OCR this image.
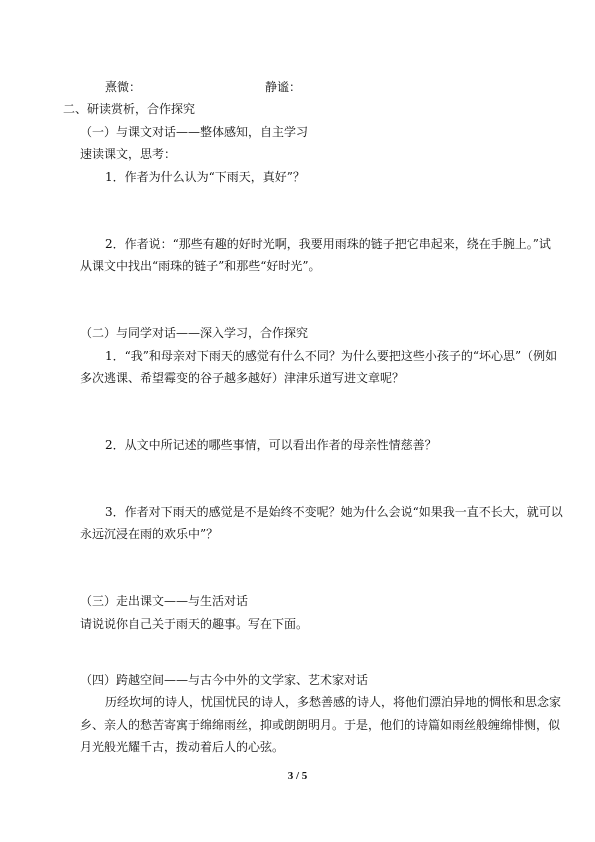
熹微：	静谧：
二、研读赏析，合作探究
（一）与课文对话——整体感知，自主学习
速读课文，思考：
1．作者为什么认为“下雨天，真好”？
2．作者说：“那些有趣的好时光啊，我要用雨珠的链子把它串起来，绕在手腕上。”试
从课文中找出“雨珠的链子”和那些“好时光”。
（二）与同学对话——深入学习，合作探究
1．“我”和母亲对下雨天的感觉有什么不同？为什么要把这些小孩子的“坏心思”（例如
多次逃课、希望霉变的谷子越多越好）津津乐道写进文章呢？
2．从文中所记述的哪些事情，可以看出作者的母亲性情慈善？
3．作者对下雨天的感觉是不是始终不变呢？她为什么会说“如果我一直不长大，就可以
永远沉浸在雨的欢乐中”？
（三）走出课文——与生活对话
请说说你自己关于雨天的趣事。写在下面。
（四）跨越空间——与古今中外的文学家、艺术家对话
历经坎坷的诗人，忧国忧民的诗人，多愁善感的诗人，将他们漂泊异地的惆怅和思念家
乡、亲人的愁苦寄寓于绵绵雨丝，抑或朗朗明月。于是，他们的诗篇如雨丝般缠绵悱恻，似
月光般光耀千古，拨动着后人的心弦。
3 / 5
